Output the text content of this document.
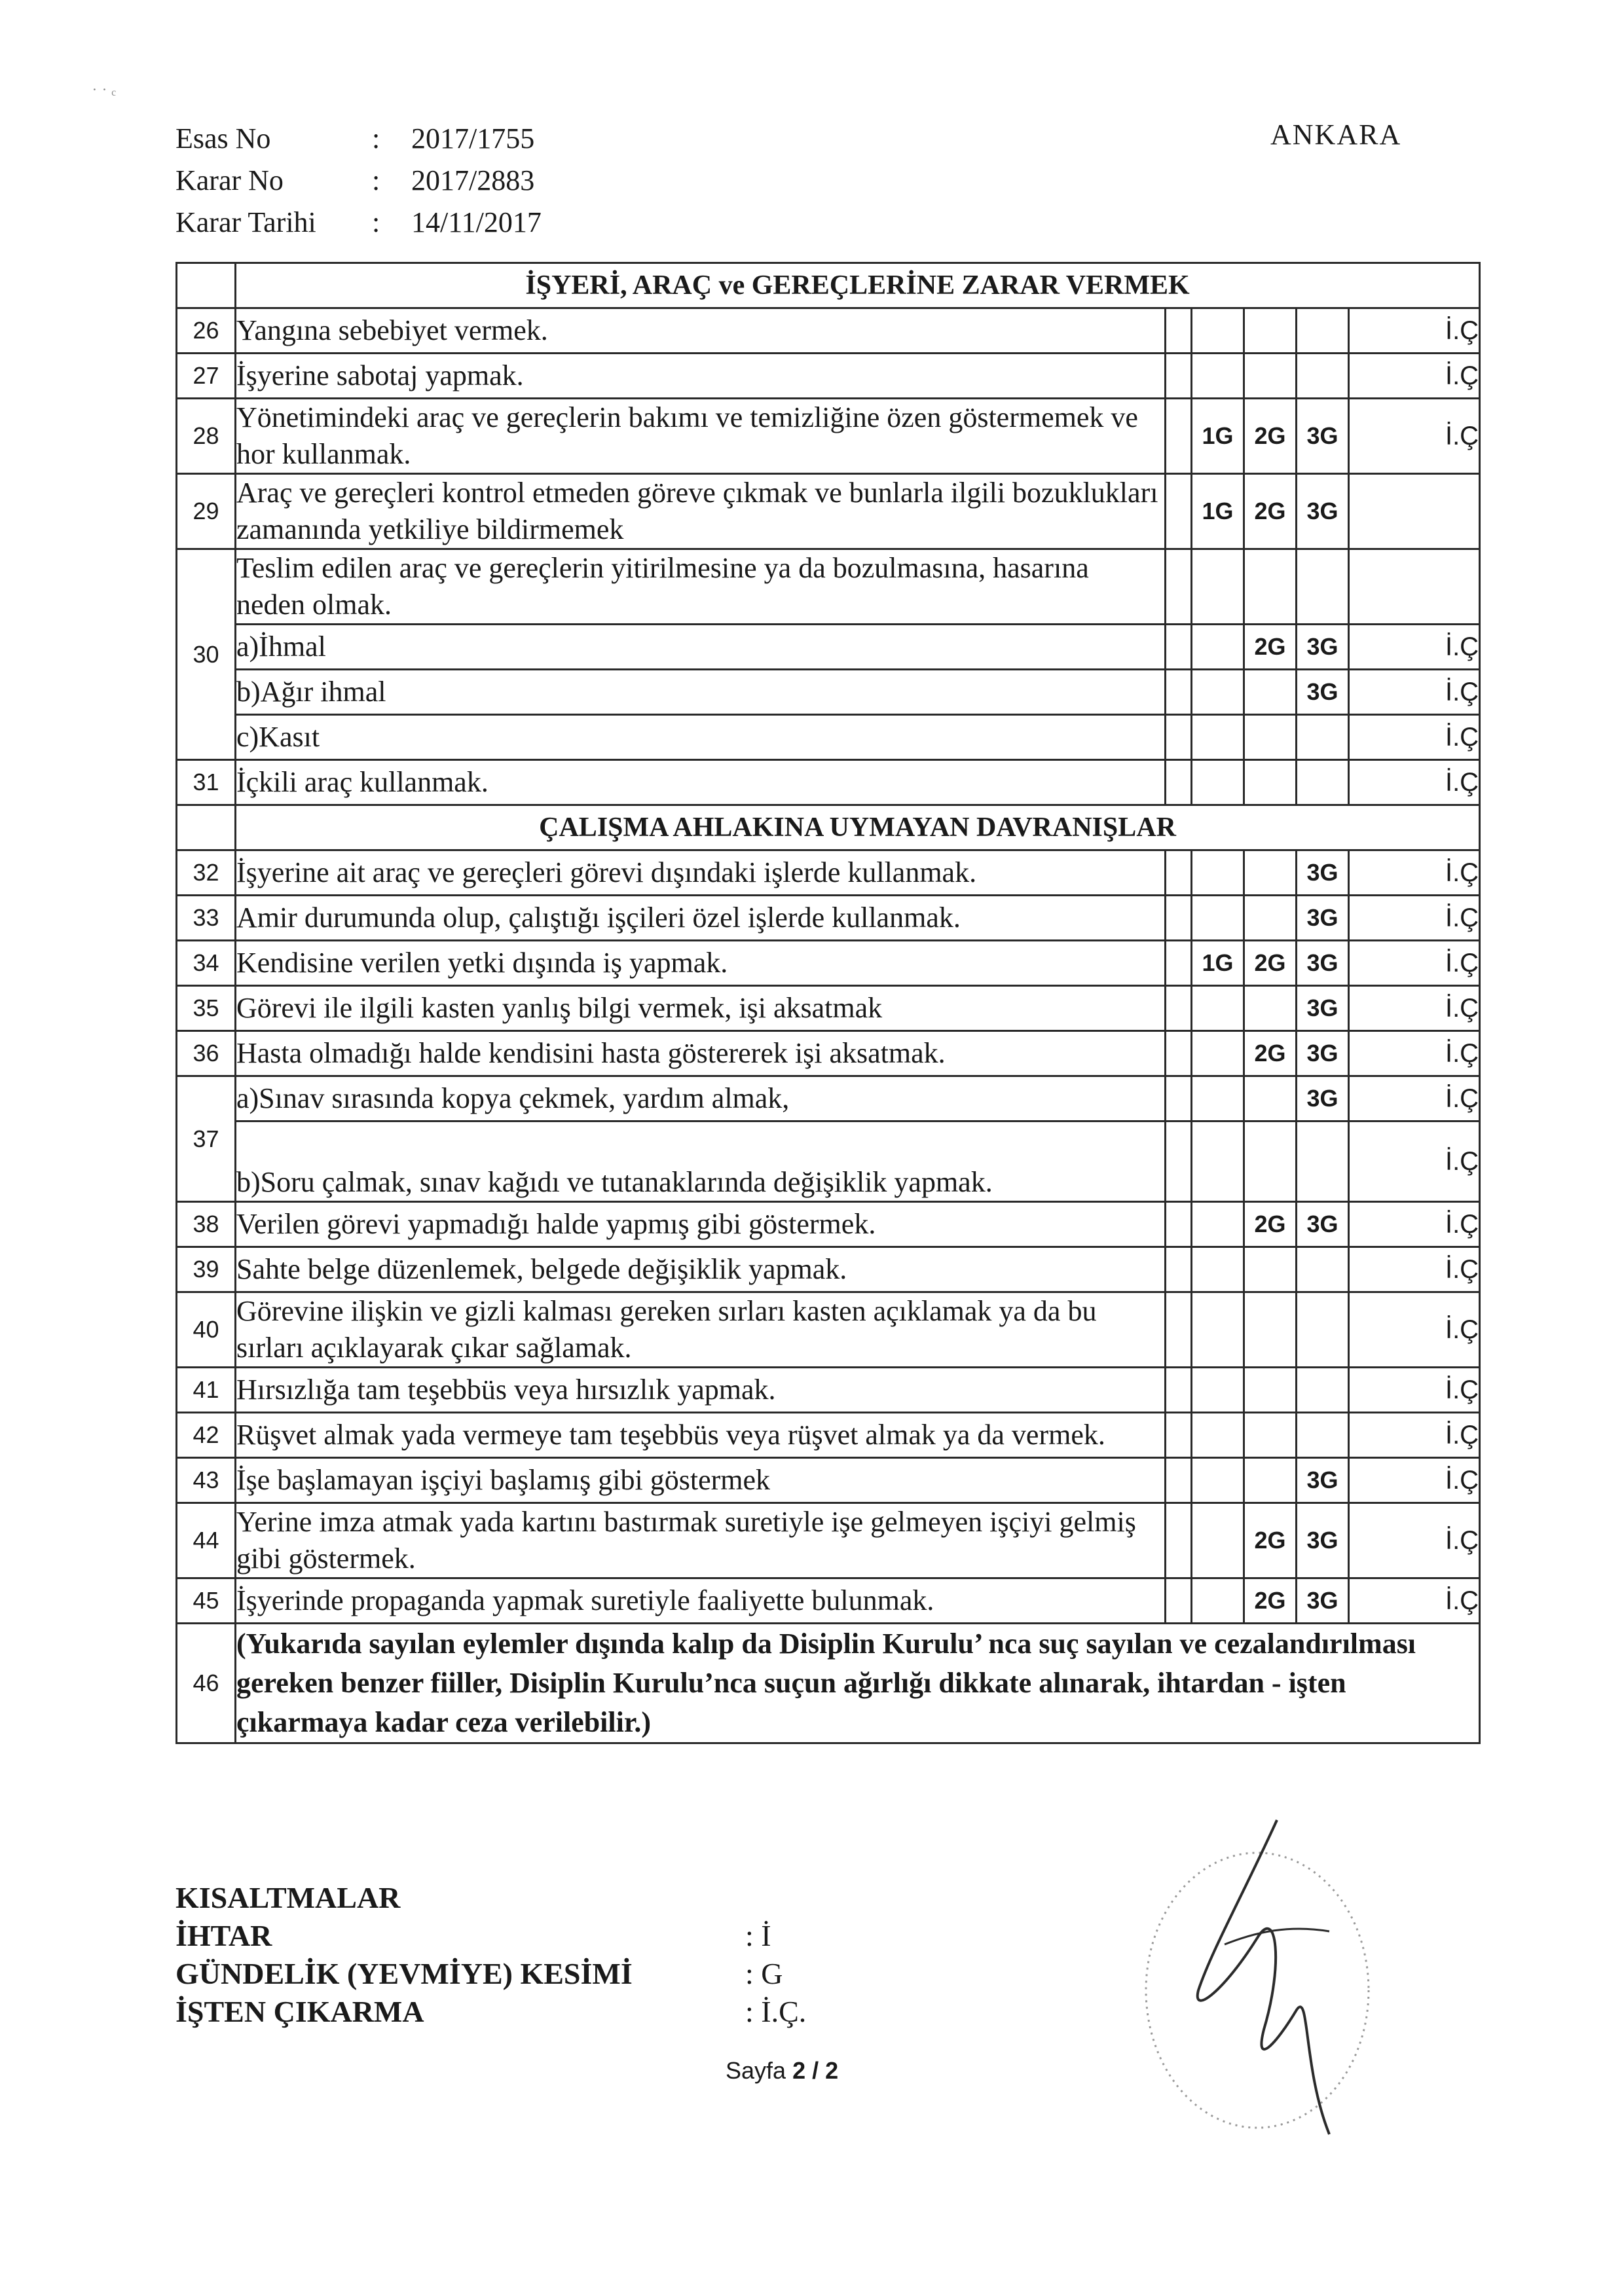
˙ ˙ ᶜ
Esas No	:	2017/1755
Karar No	:	2017/2883
Karar Tarihi	:	14/11/2017
ANKARA
	İŞYERİ, ARAÇ ve GEREÇLERİNE ZARAR VERMEK					
26	Yangına sebebiyet vermek.					İ.Ç
27	İşyerine sabotaj yapmak.					İ.Ç
28	Yönetimindeki araç ve gereçlerin bakımı ve temizliğine özen göstermemek ve hor kullanmak.		1G	2G	3G	İ.Ç
29	Araç ve gereçleri kontrol etmeden göreve çıkmak ve bunlarla ilgili bozuklukları zamanında yetkiliye bildirmemek		1G	2G	3G	
30	Teslim edilen araç ve gereçlerin yitirilmesine ya da bozulmasına, hasarına neden olmak.					
	a)İhmal			2G	3G	İ.Ç
	b)Ağır ihmal				3G	İ.Ç
	c)Kasıt					İ.Ç
31	İçkili araç kullanmak.					İ.Ç
	ÇALIŞMA AHLAKINA UYMAYAN DAVRANIŞLAR					
32	İşyerine ait araç ve gereçleri görevi dışındaki işlerde kullanmak.				3G	İ.Ç
33	Amir durumunda olup, çalıştığı işçileri özel işlerde kullanmak.				3G	İ.Ç
34	Kendisine verilen yetki dışında iş yapmak.		1G	2G	3G	İ.Ç
35	Görevi ile ilgili kasten yanlış bilgi vermek, işi aksatmak				3G	İ.Ç
36	Hasta olmadığı halde kendisini hasta göstererek işi aksatmak.			2G	3G	İ.Ç
37	a)Sınav sırasında kopya çekmek, yardım almak,				3G	İ.Ç
	b)Soru çalmak, sınav kağıdı ve tutanaklarında değişiklik yapmak.					İ.Ç
38	Verilen görevi yapmadığı halde yapmış gibi göstermek.			2G	3G	İ.Ç
39	Sahte belge düzenlemek, belgede değişiklik yapmak.					İ.Ç
40	Görevine ilişkin ve gizli kalması gereken sırları kasten açıklamak ya da bu sırları açıklayarak çıkar sağlamak.					İ.Ç
41	Hırsızlığa tam teşebbüs veya hırsızlık yapmak.					İ.Ç
42	Rüşvet almak yada vermeye tam teşebbüs veya rüşvet almak ya da vermek.					İ.Ç
43	İşe başlamayan işçiyi başlamış gibi göstermek				3G	İ.Ç
44	Yerine imza atmak yada kartını bastırmak suretiyle işe gelmeyen işçiyi gelmiş gibi göstermek.			2G	3G	İ.Ç
45	İşyerinde propaganda yapmak suretiyle faaliyette bulunmak.			2G	3G	İ.Ç
46	(Yukarıda sayılan eylemler dışında kalıp da Disiplin Kurulu’ nca suç sayılan ve cezalandırılması gereken benzer fiiller, Disiplin Kurulu’nca suçun ağırlığı dikkate alınarak, ihtardan - işten çıkarmaya kadar ceza verilebilir.)					
KISALTMALAR
İHTAR	: İ
GÜNDELİK (YEVMİYE) KESİMİ	: G
İŞTEN ÇIKARMA	: İ.Ç.
Sayfa 2 / 2
